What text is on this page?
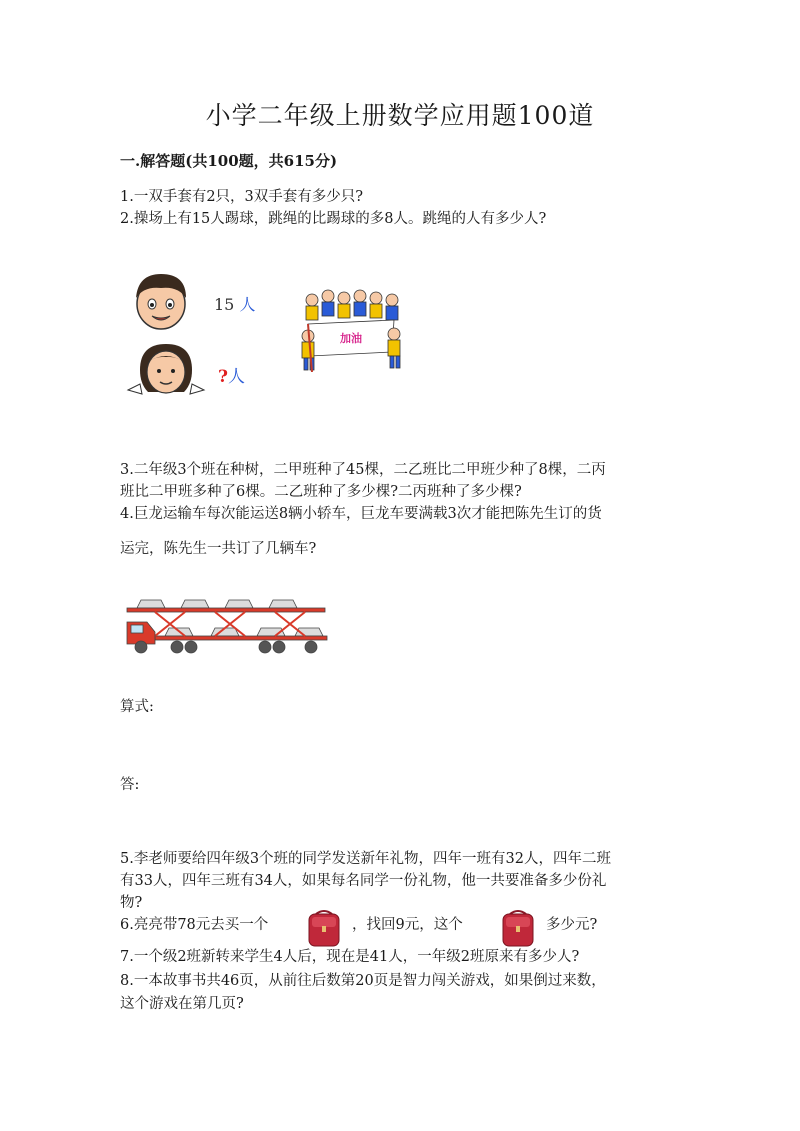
小学二年级上册数学应用题100道
一.解答题(共100题，共615分)
1.一双手套有2只，3双手套有多少只?
2.操场上有15人踢球，跳绳的比踢球的多8人。跳绳的人有多少人?
15 人
?人
加油
3.二年级3个班在种树，二甲班种了45棵，二乙班比二甲班少种了8棵，二丙
班比二甲班多种了6棵。二乙班种了多少棵?二丙班种了多少棵?
4.巨龙运输车每次能运送8辆小轿车，巨龙车要满载3次才能把陈先生订的货
运完，陈先生一共订了几辆车?
算式:
答:
5.李老师要给四年级3个班的同学发送新年礼物，四年一班有32人，四年二班
有33人，四年三班有34人，如果每名同学一份礼物，他一共要准备多少份礼
物?
6.亮亮带78元去买一个	，找回9元，这个	多少元?
7.一个级2班新转来学生4人后，现在是41人，一年级2班原来有多少人?
8.一本故事书共46页，从前往后数第20页是智力闯关游戏，如果倒过来数，
这个游戏在第几页?
